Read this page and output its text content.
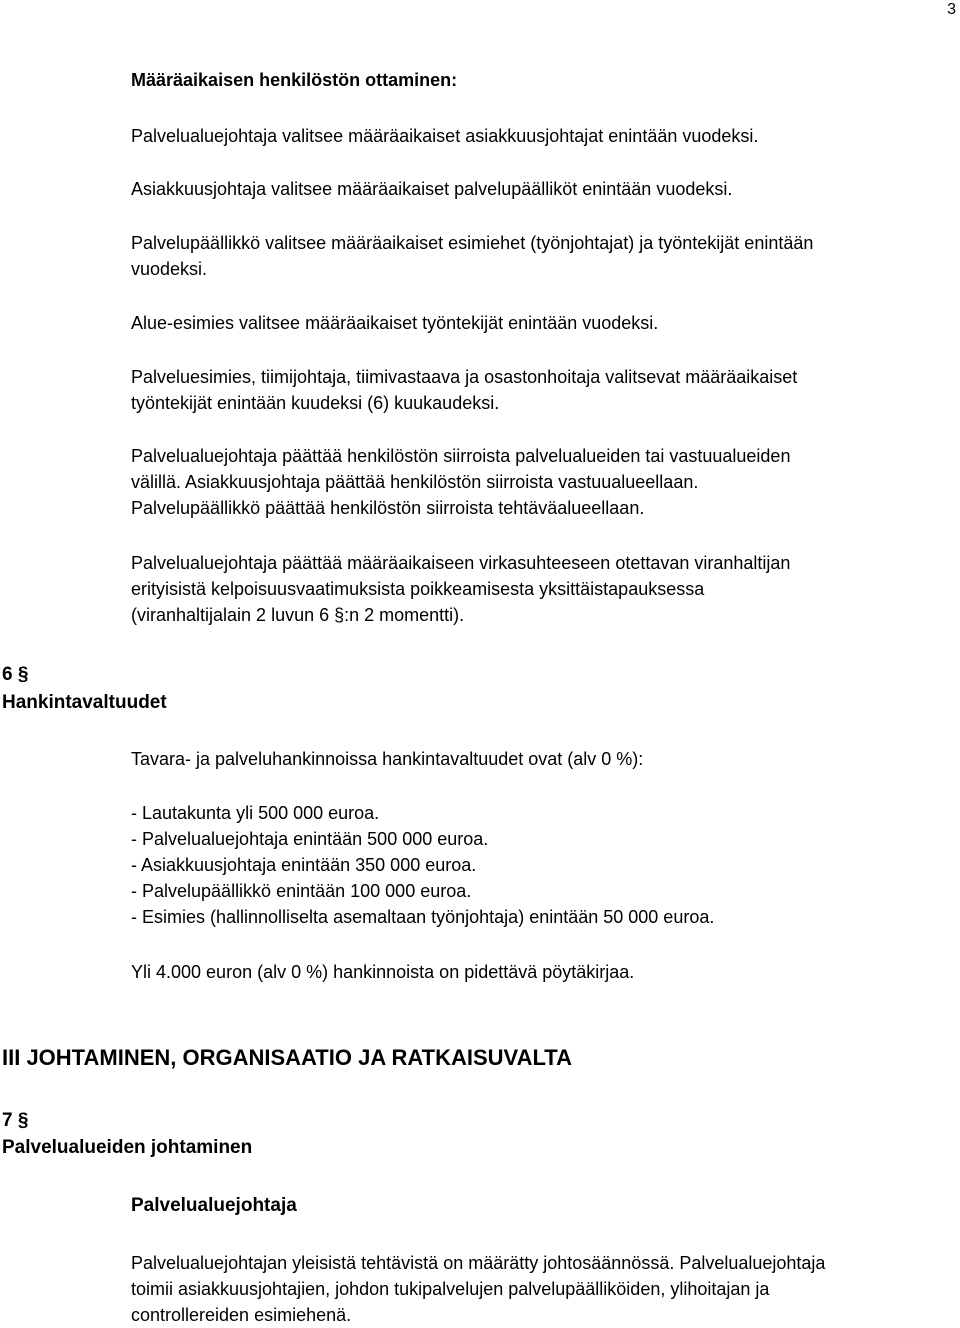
3
Määräaikaisen henkilöstön ottaminen:
Palvelualuejohtaja valitsee määräaikaiset asiakkuusjohtajat enintään vuodeksi.
Asiakkuusjohtaja valitsee määräaikaiset palvelupäälliköt enintään vuodeksi.
Palvelupäällikkö valitsee määräaikaiset esimiehet (työnjohtajat) ja työntekijät enintään
vuodeksi.
Alue-esimies valitsee määräaikaiset työntekijät enintään vuodeksi.
Palveluesimies, tiimijohtaja, tiimivastaava ja osastonhoitaja valitsevat määräaikaiset
työntekijät enintään kuudeksi (6) kuukaudeksi.
Palvelualuejohtaja päättää henkilöstön siirroista palvelualueiden tai vastuualueiden
välillä. Asiakkuusjohtaja päättää henkilöstön siirroista vastuualueellaan.
Palvelupäällikkö päättää henkilöstön siirroista tehtäväalueellaan.
Palvelualuejohtaja päättää määräaikaiseen virkasuhteeseen otettavan viranhaltijan
erityisistä kelpoisuusvaatimuksista poikkeamisesta yksittäistapauksessa
(viranhaltijalain 2 luvun 6 §:n 2 momentti).
6 §
Hankintavaltuudet
Tavara- ja palveluhankinnoissa hankintavaltuudet ovat (alv 0 %):
- Lautakunta yli 500 000 euroa.
- Palvelualuejohtaja enintään 500 000 euroa.
- Asiakkuusjohtaja enintään 350 000 euroa.
- Palvelupäällikkö enintään 100 000 euroa.
- Esimies (hallinnolliselta asemaltaan työnjohtaja) enintään 50 000 euroa.
Yli 4.000 euron (alv 0 %) hankinnoista on pidettävä pöytäkirjaa.
III JOHTAMINEN, ORGANISAATIO JA RATKAISUVALTA
7 §
Palvelualueiden johtaminen
Palvelualuejohtaja
Palvelualuejohtajan yleisistä tehtävistä on määrätty johtosäännössä. Palvelualuejohtaja
toimii asiakkuusjohtajien, johdon tukipalvelujen palvelupäälliköiden, ylihoitajan ja
controllereiden esimiehenä.
